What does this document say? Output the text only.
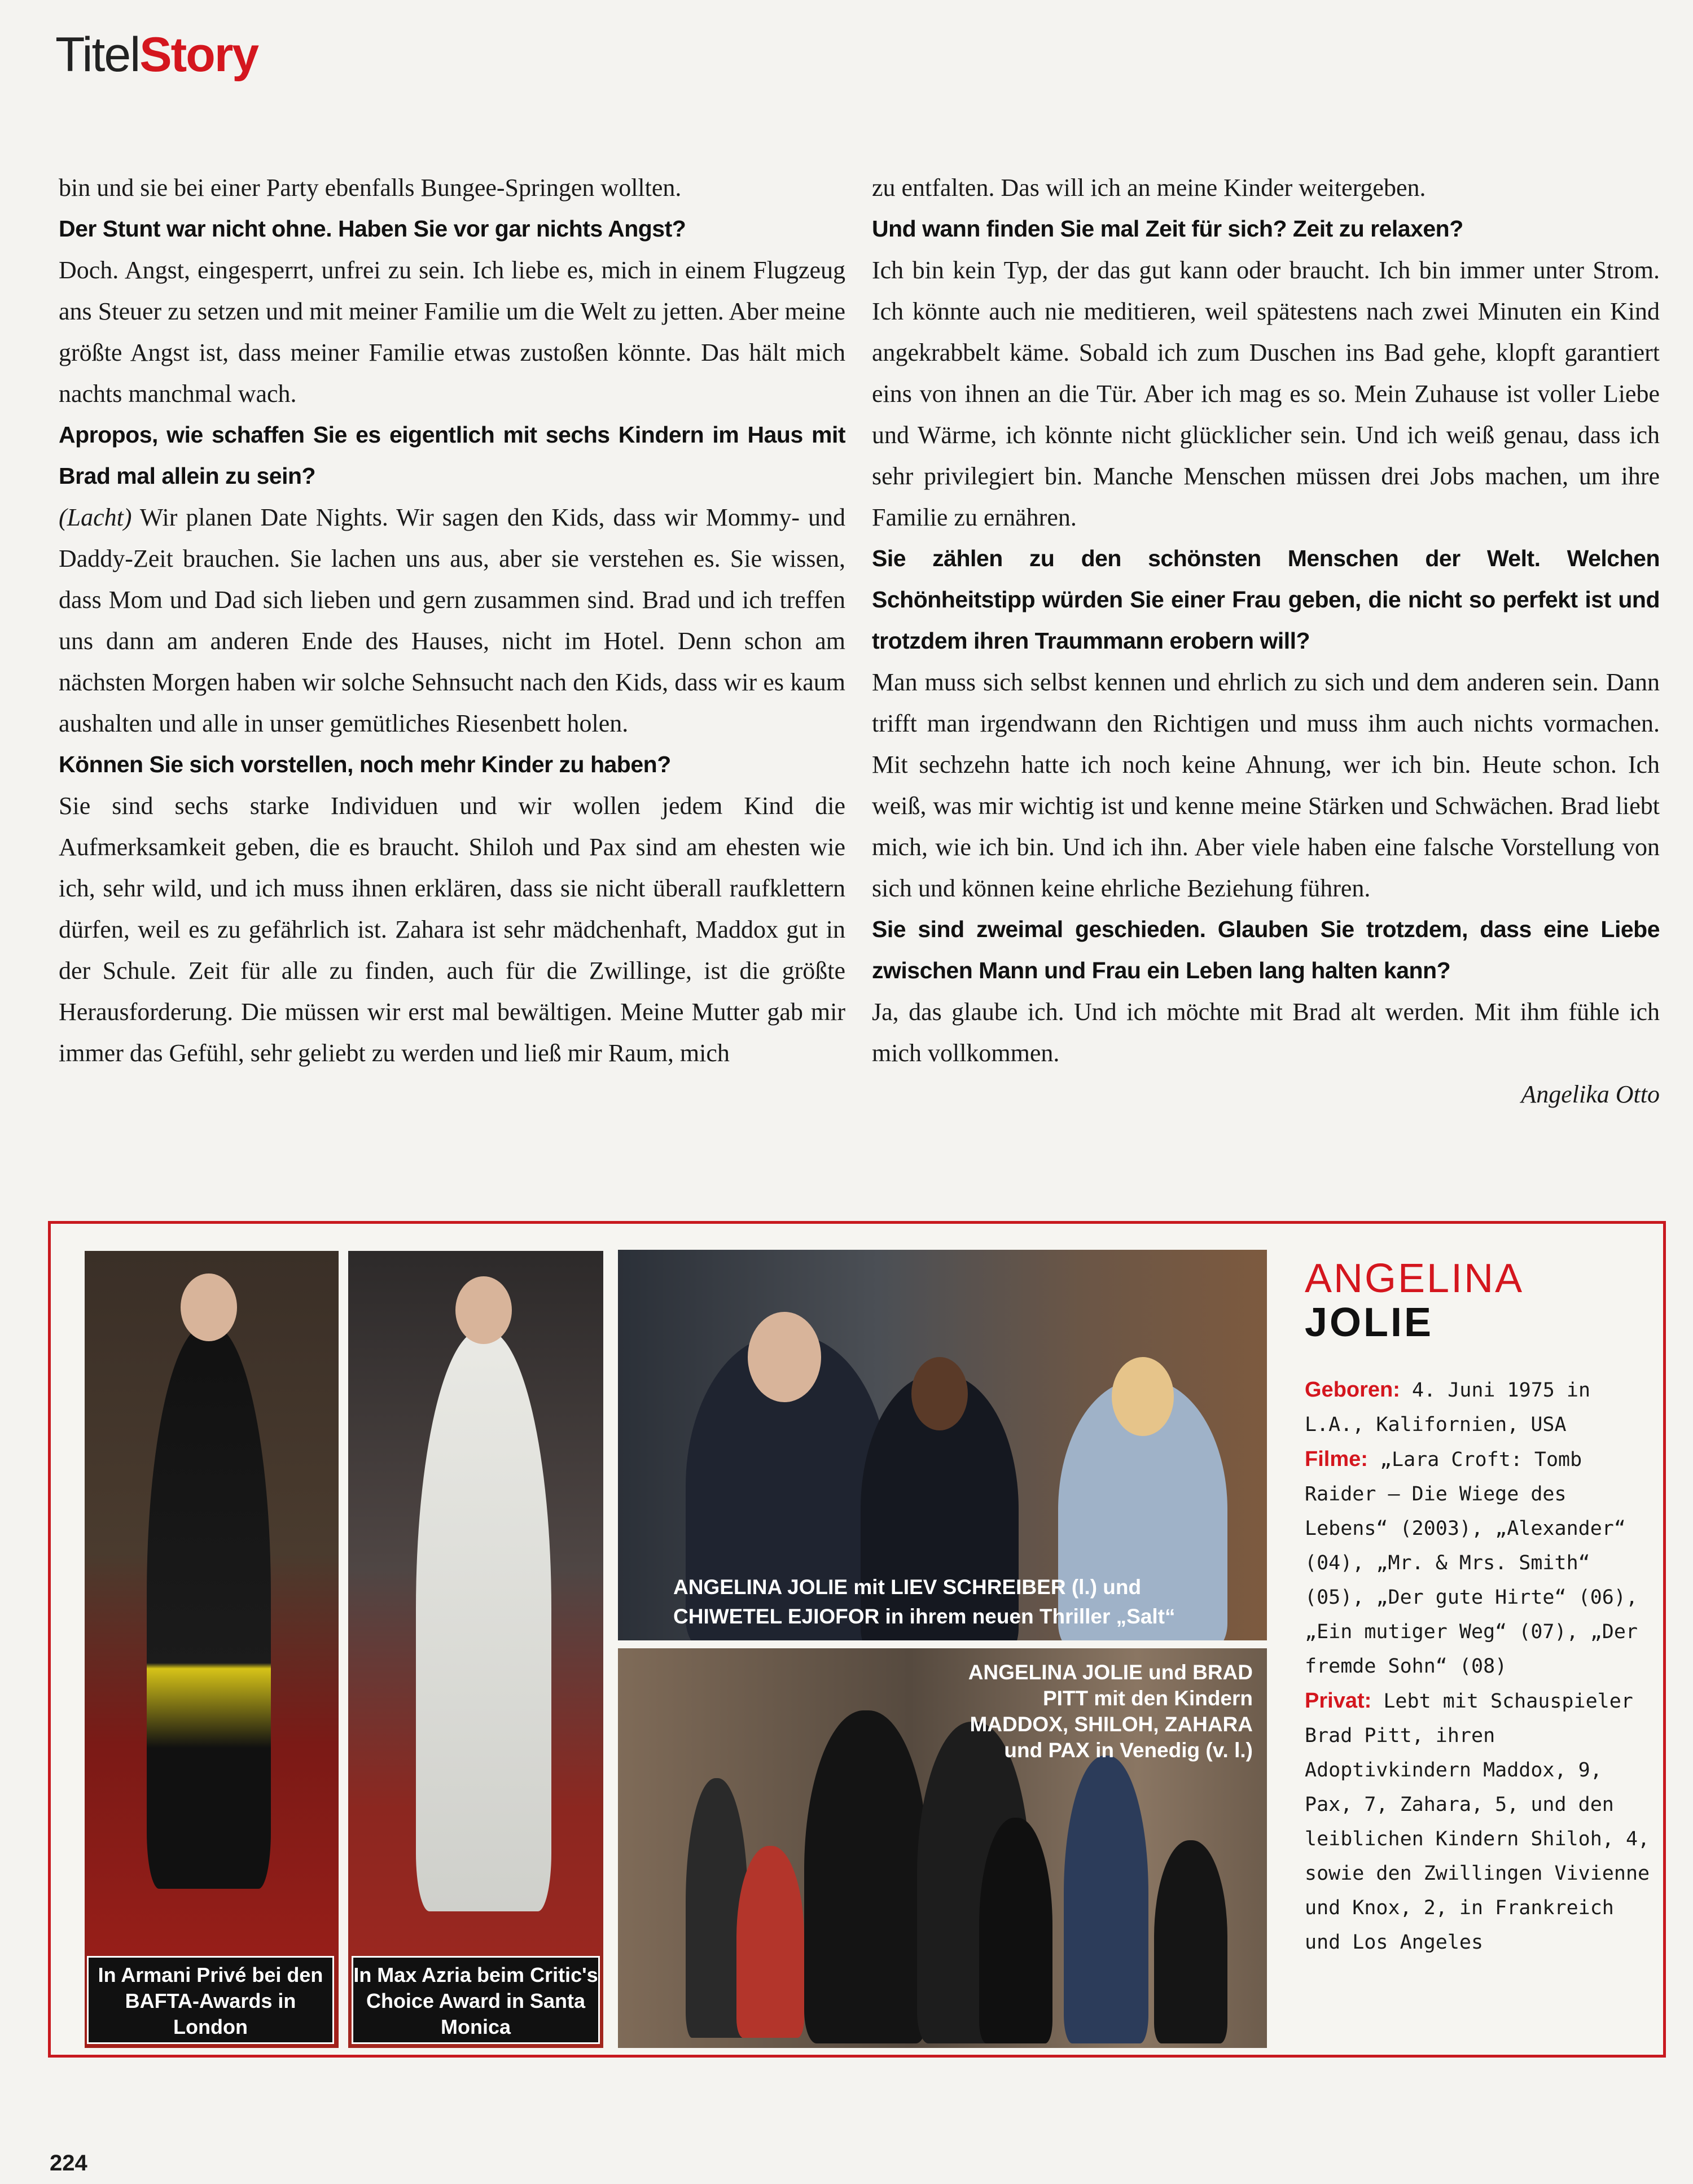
TitelStory

bin und sie bei einer Party ebenfalls Bungee-Springen wollten.

Der Stunt war nicht ohne. Haben Sie vor gar nichts Angst?

Doch. Angst, eingesperrt, unfrei zu sein. Ich liebe es, mich in einem Flugzeug ans Steuer zu setzen und mit meiner Familie um die Welt zu jetten. Aber meine größte Angst ist, dass meiner Familie etwas zustoßen könnte. Das hält mich nachts manchmal wach.

Apropos, wie schaffen Sie es eigentlich mit sechs Kindern im Haus mit Brad mal allein zu sein?

(Lacht) Wir planen Date Nights. Wir sagen den Kids, dass wir Mommy- und Daddy-Zeit brauchen. Sie lachen uns aus, aber sie verstehen es. Sie wissen, dass Mom und Dad sich lieben und gern zusammen sind. Brad und ich treffen uns dann am anderen Ende des Hauses, nicht im Hotel. Denn schon am nächsten Morgen haben wir solche Sehnsucht nach den Kids, dass wir es kaum aushalten und alle in unser gemütliches Riesenbett holen.

Können Sie sich vorstellen, noch mehr Kinder zu haben?

Sie sind sechs starke Individuen und wir wollen jedem Kind die Aufmerksamkeit geben, die es braucht. Shiloh und Pax sind am ehesten wie ich, sehr wild, und ich muss ihnen erklären, dass sie nicht überall raufklettern dürfen, weil es zu gefährlich ist. Zahara ist sehr mädchenhaft, Maddox gut in der Schule. Zeit für alle zu finden, auch für die Zwillinge, ist die größte Herausforderung. Die müssen wir erst mal bewältigen. Meine Mutter gab mir immer das Gefühl, sehr geliebt zu werden und ließ mir Raum, mich

zu entfalten. Das will ich an meine Kinder weitergeben.

Und wann finden Sie mal Zeit für sich? Zeit zu relaxen?

Ich bin kein Typ, der das gut kann oder braucht. Ich bin immer unter Strom. Ich könnte auch nie meditieren, weil spätestens nach zwei Minuten ein Kind angekrabbelt käme. Sobald ich zum Duschen ins Bad gehe, klopft garantiert eins von ihnen an die Tür. Aber ich mag es so. Mein Zuhause ist voller Liebe und Wärme, ich könnte nicht glücklicher sein. Und ich weiß genau, dass ich sehr privilegiert bin. Manche Menschen müssen drei Jobs machen, um ihre Familie zu ernähren.

Sie zählen zu den schönsten Menschen der Welt. Welchen Schönheitstipp würden Sie einer Frau geben, die nicht so perfekt ist und trotzdem ihren Traummann erobern will?

Man muss sich selbst kennen und ehrlich zu sich und dem anderen sein. Dann trifft man irgendwann den Richtigen und muss ihm auch nichts vormachen. Mit sechzehn hatte ich noch keine Ahnung, wer ich bin. Heute schon. Ich weiß, was mir wichtig ist und kenne meine Stärken und Schwächen. Brad liebt mich, wie ich bin. Und ich ihn. Aber viele haben eine falsche Vorstellung von sich und können keine ehrliche Beziehung führen.

Sie sind zweimal geschieden. Glauben Sie trotzdem, dass eine Liebe zwischen Mann und Frau ein Leben lang halten kann?

Ja, das glaube ich. Und ich möchte mit Brad alt werden. Mit ihm fühle ich mich vollkommen.

Angelika Otto

In Armani Privé bei den BAFTA-Awards in London
In Max Azria beim Critic's Choice Award in Santa Monica
ANGELINA JOLIE mit LIEV SCHREIBER (l.) und
CHIWETEL EJIOFOR in ihrem neuen Thriller „Salt“
ANGELINA JOLIE und BRAD
PITT mit den Kindern
MADDOX, SHILOH, ZAHARA
und PAX in Venedig (v. l.)
ANGELINA
JOLIE
Geboren: 4. Juni 1975 in L.A., Kalifornien, USA
Filme: „Lara Croft: Tomb Raider – Die Wiege des Lebens“ (2003), „Alexander“ (04), „Mr. & Mrs. Smith“ (05), „Der gute Hirte“ (06), „Ein mutiger Weg“ (07), „Der fremde Sohn“ (08)
Privat: Lebt mit Schauspieler Brad Pitt, ihren Adoptivkindern Maddox, 9, Pax, 7, Zahara, 5, und den leiblichen Kindern Shiloh, 4, sowie den Zwillingen Vivienne und Knox, 2, in Frankreich und Los Angeles
224
